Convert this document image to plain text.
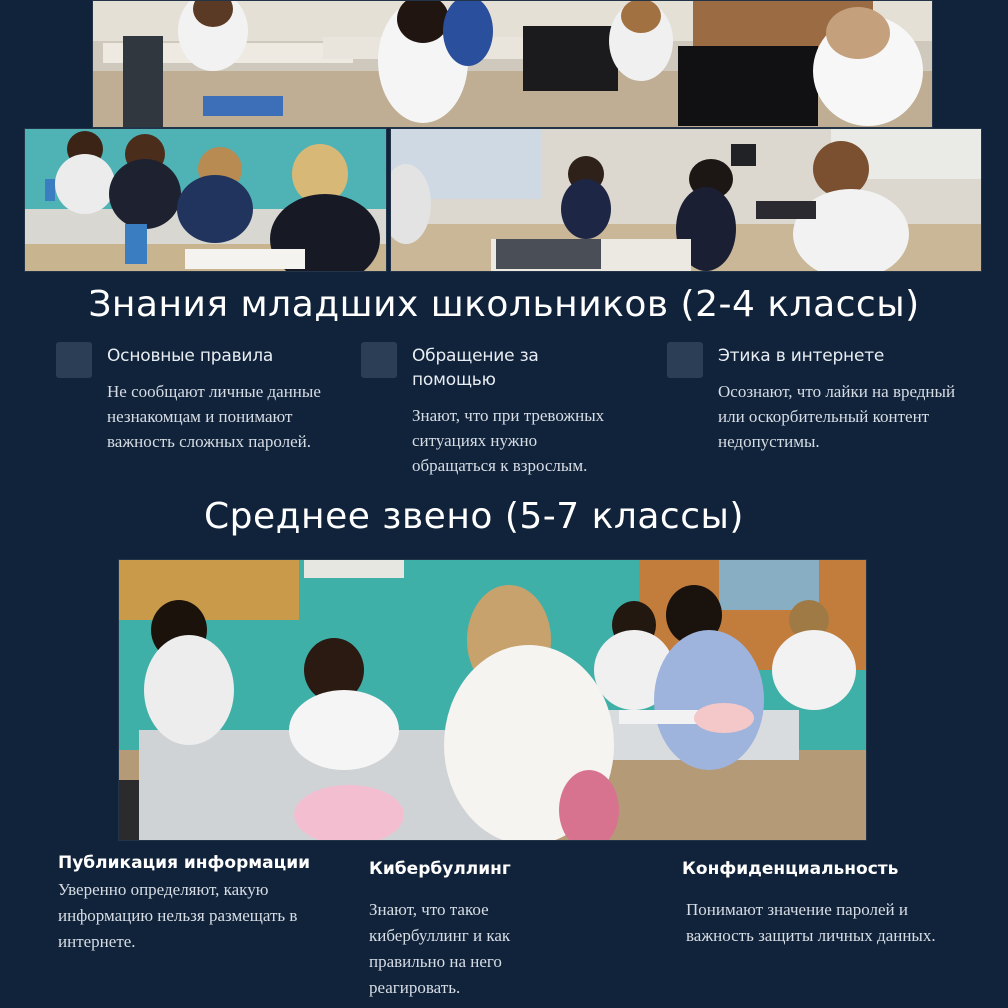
Знания младших школьников (2-4 классы)
Основные правила
Не сообщают личные данные незнакомцам и понимают важность сложных паролей.
Обращение за помощью
Знают, что при тревожных ситуациях нужно обращаться к взрослым.
Этика в интернете
Осознают, что лайки на вредный или оскорбительный контент недопустимы.
Среднее звено (5-7 классы)
Публикация информации
Уверенно определяют, какую информацию нельзя размещать в интернете.
Кибербуллинг
Знают, что такое кибербуллинг и как правильно на него реагировать.
Конфиденциальность
Понимают значение паролей и важность защиты личных данных.
